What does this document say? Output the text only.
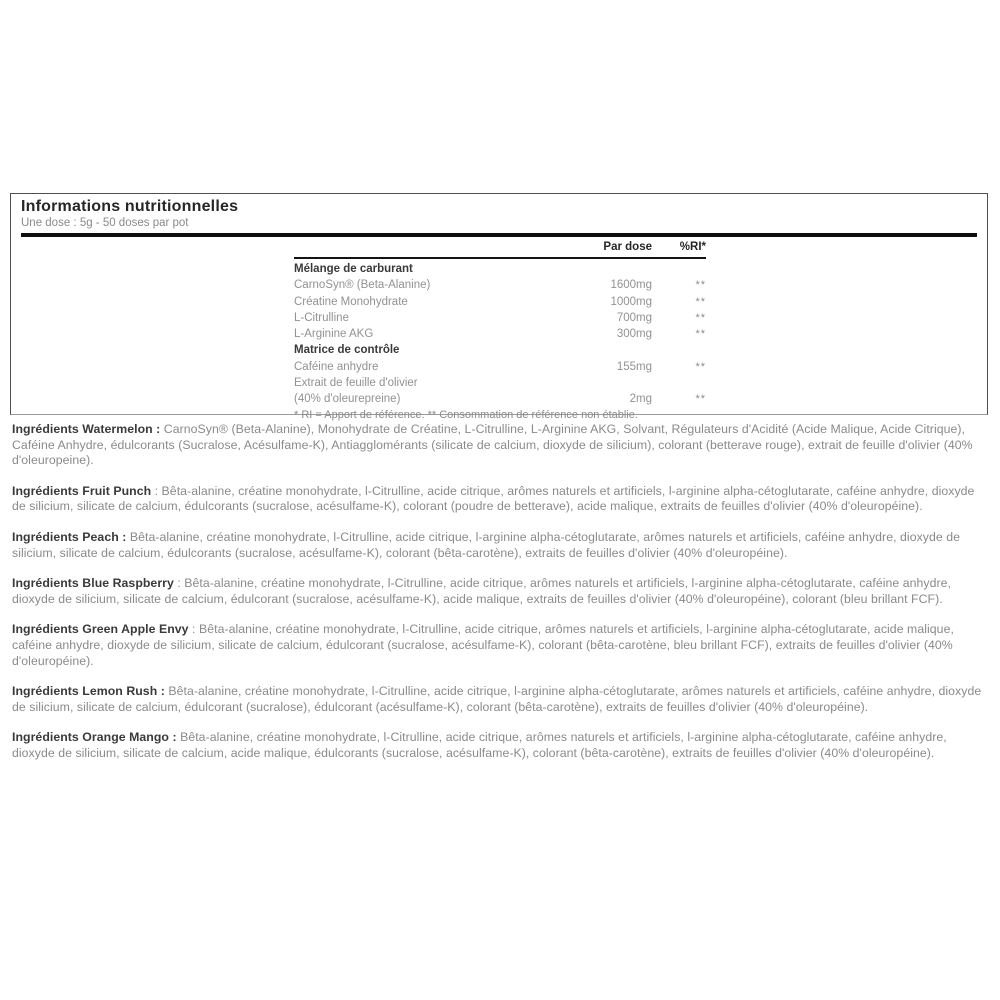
Informations nutritionnelles
Une dose : 5g - 50 doses par pot
Par dose	%RI*
Mélange de carburant
CarnoSyn® (Beta-Alanine)	1600mg	**
Créatine Monohydrate	1000mg	**
L-Citrulline	700mg	**
L-Arginine AKG	300mg	**
Matrice de contrôle
Caféine anhydre	155mg	**
Extrait de feuille d'olivier
(40% d'oleurepreine)	2mg	**
* RI = Apport de référence. ** Consommation de référence non établie.

Ingrédients Watermelon : CarnoSyn® (Beta-Alanine), Monohydrate de Créatine, L-Citrulline, L-Arginine AKG, Solvant, Régulateurs d'Acidité (Acide Malique, Acide Citrique), Caféine Anhydre, édulcorants (Sucralose, Acésulfame-K), Antiagglomérants (silicate de calcium, dioxyde de silicium), colorant (betterave rouge), extrait de feuille d'olivier (40% d'oleuropeine).

Ingrédients Fruit Punch : Bêta-alanine, créatine monohydrate, l-Citrulline, acide citrique, arômes naturels et artificiels, l-arginine alpha-cétoglutarate, caféine anhydre, dioxyde de silicium, silicate de calcium, édulcorants (sucralose, acésulfame-K), colorant (poudre de betterave), acide malique, extraits de feuilles d'olivier (40% d'oleuropéine).

Ingrédients Peach : Bêta-alanine, créatine monohydrate, l-Citrulline, acide citrique, l-arginine alpha-cétoglutarate, arômes naturels et artificiels, caféine anhydre, dioxyde de silicium, silicate de calcium, édulcorants (sucralose, acésulfame-K), colorant (bêta-carotène), extraits de feuilles d'olivier (40% d'oleuropéine).

Ingrédients Blue Raspberry : Bêta-alanine, créatine monohydrate, l-Citrulline, acide citrique, arômes naturels et artificiels, l-arginine alpha-cétoglutarate, caféine anhydre, dioxyde de silicium, silicate de calcium, édulcorant (sucralose, acésulfame-K), acide malique, extraits de feuilles d'olivier (40% d'oleuropéine), colorant (bleu brillant FCF).

Ingrédients Green Apple Envy : Bêta-alanine, créatine monohydrate, l-Citrulline, acide citrique, arômes naturels et artificiels, l-arginine alpha-cétoglutarate, acide malique, caféine anhydre, dioxyde de silicium, silicate de calcium, édulcorant (sucralose, acésulfame-K), colorant (bêta-carotène, bleu brillant FCF), extraits de feuilles d'olivier (40% d'oleuropéine).

Ingrédients Lemon Rush : Bêta-alanine, créatine monohydrate, l-Citrulline, acide citrique, l-arginine alpha-cétoglutarate, arômes naturels et artificiels, caféine anhydre, dioxyde de silicium, silicate de calcium, édulcorant (sucralose), édulcorant (acésulfame-K), colorant (bêta-carotène), extraits de feuilles d'olivier (40% d'oleuropéine).

Ingrédients Orange Mango : Bêta-alanine, créatine monohydrate, l-Citrulline, acide citrique, arômes naturels et artificiels, l-arginine alpha-cétoglutarate, caféine anhydre, dioxyde de silicium, silicate de calcium, acide malique, édulcorants (sucralose, acésulfame-K), colorant (bêta-carotène), extraits de feuilles d'olivier (40% d'oleuropéine).
